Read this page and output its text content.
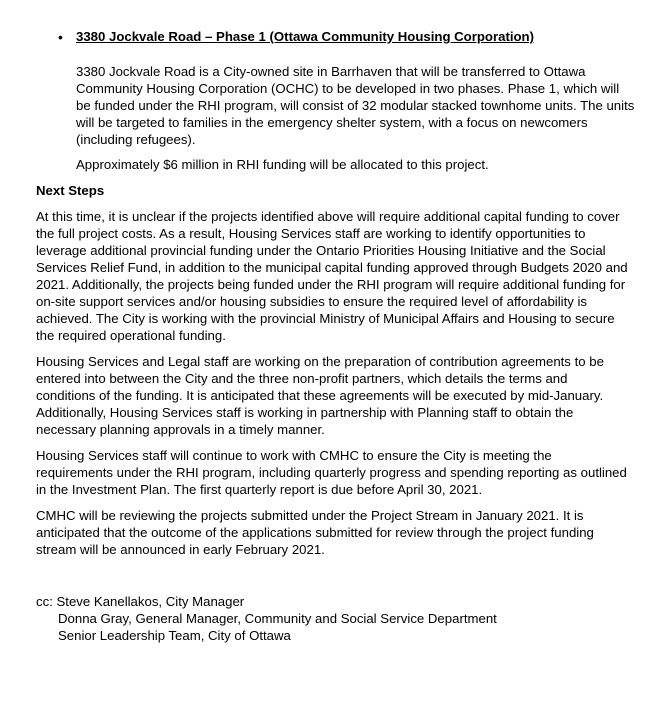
• 3380 Jockvale Road – Phase 1 (Ottawa Community Housing Corporation)

3380 Jockvale Road is a City-owned site in Barrhaven that will be transferred to Ottawa Community Housing Corporation (OCHC) to be developed in two phases. Phase 1, which will be funded under the RHI program, will consist of 32 modular stacked townhome units. The units will be targeted to families in the emergency shelter system, with a focus on newcomers (including refugees).

Approximately $6 million in RHI funding will be allocated to this project.

Next Steps

At this time, it is unclear if the projects identified above will require additional capital funding to cover the full project costs. As a result, Housing Services staff are working to identify opportunities to leverage additional provincial funding under the Ontario Priorities Housing Initiative and the Social Services Relief Fund, in addition to the municipal capital funding approved through Budgets 2020 and 2021. Additionally, the projects being funded under the RHI program will require additional funding for on-site support services and/or housing subsidies to ensure the required level of affordability is achieved. The City is working with the provincial Ministry of Municipal Affairs and Housing to secure the required operational funding.

Housing Services and Legal staff are working on the preparation of contribution agreements to be entered into between the City and the three non-profit partners, which details the terms and conditions of the funding. It is anticipated that these agreements will be executed by mid-January. Additionally, Housing Services staff is working in partnership with Planning staff to obtain the necessary planning approvals in a timely manner.

Housing Services staff will continue to work with CMHC to ensure the City is meeting the requirements under the RHI program, including quarterly progress and spending reporting as outlined in the Investment Plan. The first quarterly report is due before April 30, 2021.

CMHC will be reviewing the projects submitted under the Project Stream in January 2021. It is anticipated that the outcome of the applications submitted for review through the project funding stream will be announced in early February 2021.

cc: Steve Kanellakos, City Manager
Donna Gray, General Manager, Community and Social Service Department
Senior Leadership Team, City of Ottawa
